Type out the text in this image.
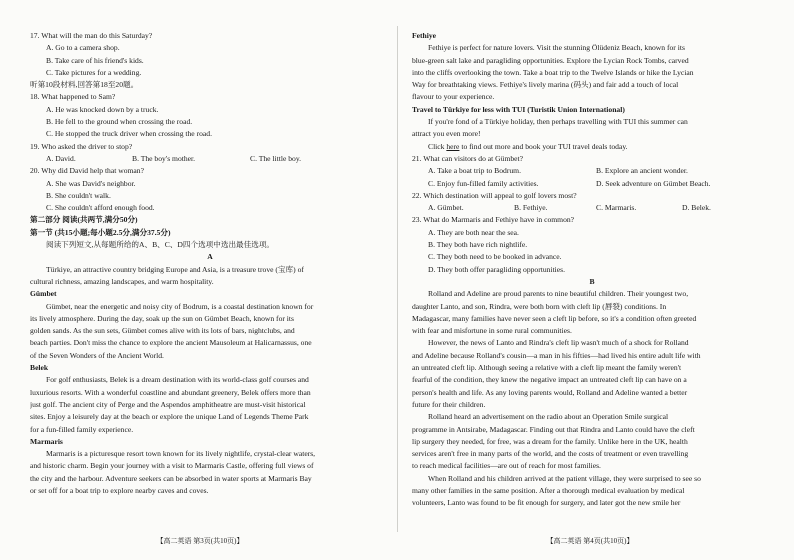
17. What will the man do this Saturday?
A. Go to a camera shop.
B. Take care of his friend's kids.
C. Take pictures for a wedding.
听第10段材料,回答第18至20题。
18. What happened to Sam?
A. He was knocked down by a truck.
B. He fell to the ground when crossing the road.
C. He stopped the truck driver when crossing the road.
19. Who asked the driver to stop?
A. David.	B. The boy's mother.	C. The little boy.
20. Why did David help that woman?
A. She was David's neighbor.
B. She couldn't walk.
C. She couldn't afford enough food.
第二部分 阅读(共两节,满分50分)
第一节 (共15小题;每小题2.5分,满分37.5分)
阅读下列短文,从每题所给的A、B、C、D四个选项中选出最佳选项。
A
Türkiye, an attractive country bridging Europe and Asia, is a treasure trove (宝库) of
cultural richness, amazing landscapes, and warm hospitality.
Gümbet
Gümbet, near the energetic and noisy city of Bodrum, is a coastal destination known for
its lively atmosphere. During the day, soak up the sun on Gümbet Beach, known for its
golden sands. As the sun sets, Gümbet comes alive with its lots of bars, nightclubs, and
beach parties. Don't miss the chance to explore the ancient Mausoleum at Halicarnassus, one
of the Seven Wonders of the Ancient World.
Belek
For golf enthusiasts, Belek is a dream destination with its world-class golf courses and
luxurious resorts. With a wonderful coastline and abundant greenery, Belek offers more than
just golf. The ancient city of Perge and the Aspendos amphitheatre are must-visit historical
sites. Enjoy a leisurely day at the beach or explore the unique Land of Legends Theme Park
for a fun-filled family experience.
Marmaris
Marmaris is a picturesque resort town known for its lively nightlife, crystal-clear waters,
and historic charm. Begin your journey with a visit to Marmaris Castle, offering full views of
the city and the harbour. Adventure seekers can be absorbed in water sports at Marmaris Bay
or set off for a boat trip to explore nearby caves and coves.
Fethiye
Fethiye is perfect for nature lovers. Visit the stunning Ölüdeniz Beach, known for its
blue-green salt lake and paragliding opportunities. Explore the Lycian Rock Tombs, carved
into the cliffs overlooking the town. Take a boat trip to the Twelve Islands or hike the Lycian
Way for breathtaking views. Fethiye's lively marina (码头) and fair add a touch of local
flavour to your experience.
Travel to Türkiye for less with TUI (Turistik Union International)
If you're fond of a Türkiye holiday, then perhaps travelling with TUI this summer can
attract you even more!
Click here to find out more and book your TUI travel deals today.
21. What can visitors do at Gümbet?
A. Take a boat trip to Bodrum.	B. Explore an ancient wonder.
C. Enjoy fun-filled family activities.	D. Seek adventure on Gümbet Beach.
22. Which destination will appeal to golf lovers most?
A. Gümbet.	B. Fethiye.	C. Marmaris.	D. Belek.
23. What do Marmaris and Fethiye have in common?
A. They are both near the sea.
B. They both have rich nightlife.
C. They both need to be booked in advance.
D. They both offer paragliding opportunities.
B
Rolland and Adeline are proud parents to nine beautiful children. Their youngest two,
daughter Lanto, and son, Rindra, were both born with cleft lip (唇裂) conditions. In
Madagascar, many families have never seen a cleft lip before, so it's a condition often greeted
with fear and misfortune in some rural communities.
However, the news of Lanto and Rindra's cleft lip wasn't much of a shock for Rolland
and Adeline because Rolland's cousin—a man in his fifties—had lived his entire adult life with
an untreated cleft lip. Although seeing a relative with a cleft lip meant the family weren't
fearful of the condition, they knew the negative impact an untreated cleft lip can have on a
person's health and life. As any loving parents would, Rolland and Adeline wanted a better
future for their children.
Rolland heard an advertisement on the radio about an Operation Smile surgical
programme in Antsirabe, Madagascar. Finding out that Rindra and Lanto could have the cleft
lip surgery they needed, for free, was a dream for the family. Unlike here in the UK, health
services aren't free in many parts of the world, and the costs of treatment or even travelling
to reach medical facilities—are out of reach for most families.
When Rolland and his children arrived at the patient village, they were surprised to see so
many other families in the same position. After a thorough medical evaluation by medical
volunteers, Lanto was found to be fit enough for surgery, and later got the new smile her
【高二英语 第3页(共10页)】	【高二英语 第4页(共10页)】
